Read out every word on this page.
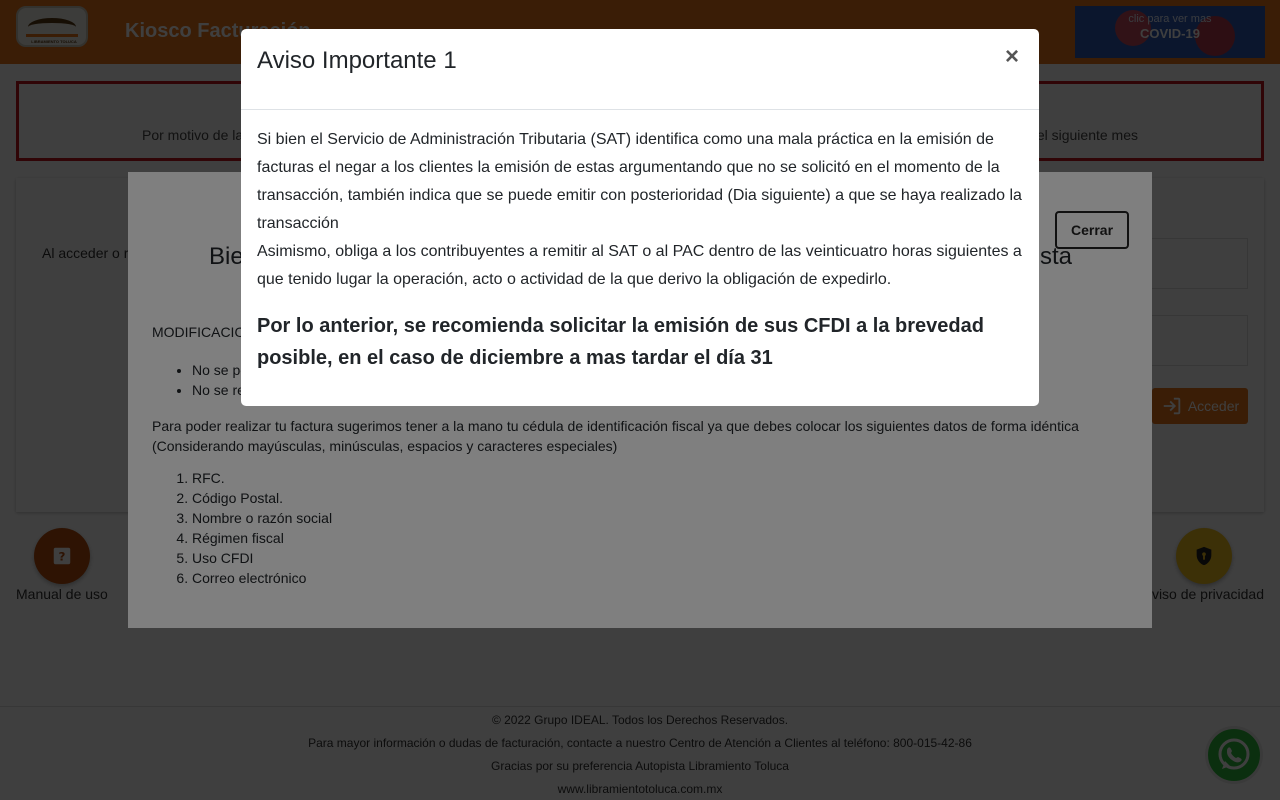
•
•
1.
2.
3.
4.
5.
6.
Aviso Importante 1	×
Si bien el Servicio de Administración Tributaria (SAT) identifica como una mala práctica en la emisión de facturas el negar a los clientes la emisión de estas argumentando que no se solicitó en el momento de la transacción, también indica que se puede emitir con posterioridad (Dia siguiente) a que se haya realizado la transacción
Asimismo, obliga a los contribuyentes a remitir al SAT o al PAC dentro de las veinticuatro horas siguientes a que tenido lugar la operación, acto o actividad de la que derivo la obligación de expedirlo.
Por lo anterior, se recomienda solicitar la emisión de sus CFDI a la brevedad posible, en el caso de diciembre a mas tardar el día 31
